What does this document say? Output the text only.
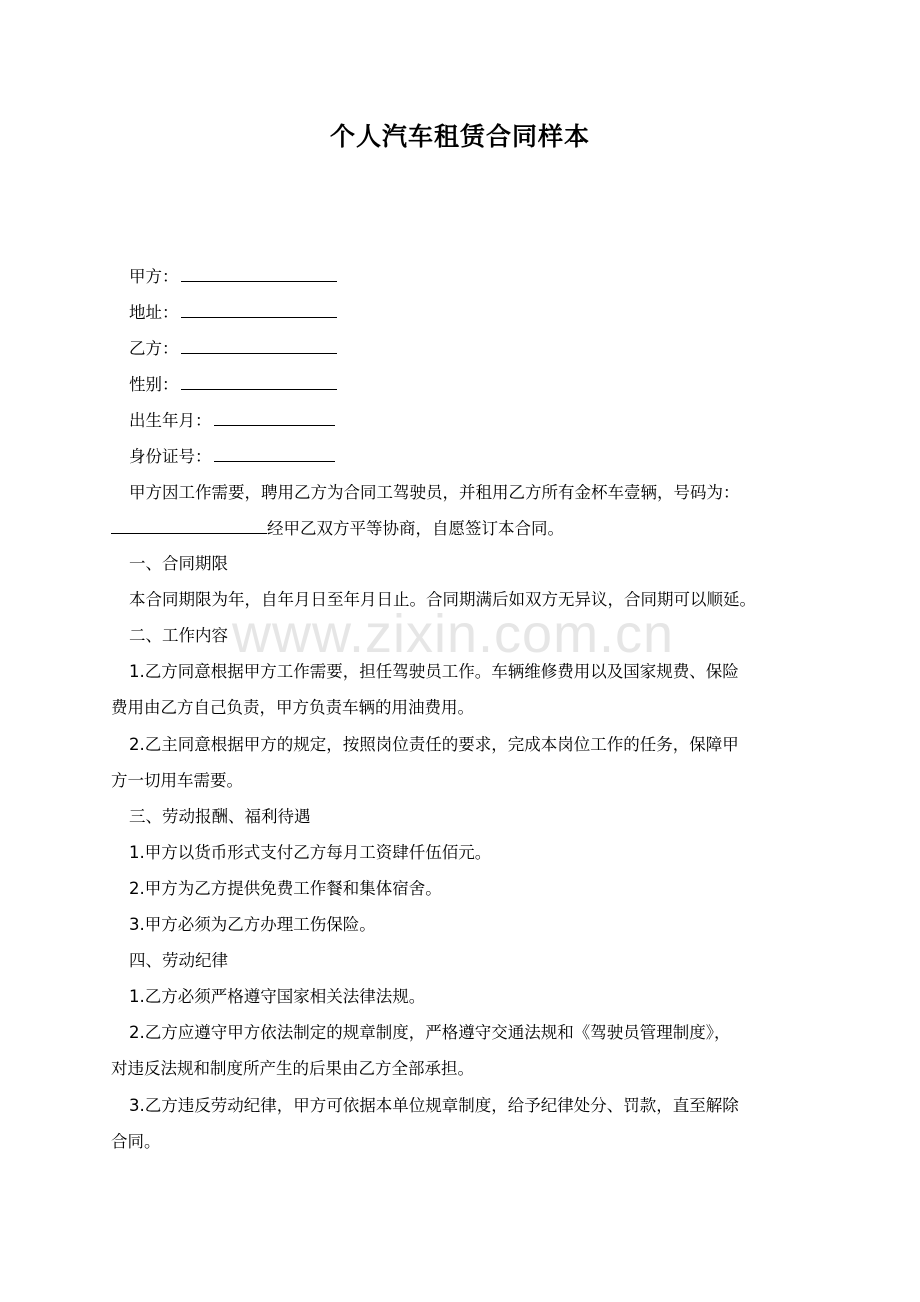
www.zixin.com.cn
个人汽车租赁合同样本
甲方：
地址：
乙方：
性别：
出生年月：
身份证号：
甲方因工作需要，聘用乙方为合同工驾驶员，并租用乙方所有金杯车壹辆，号码为：
经甲乙双方平等协商，自愿签订本合同。
一、合同期限
本合同期限为年，自年月日至年月日止。合同期满后如双方无异议，合同期可以顺延。
二、工作内容
1.乙方同意根据甲方工作需要，担任驾驶员工作。车辆维修费用以及国家规费、保险
费用由乙方自己负责，甲方负责车辆的用油费用。
2.乙主同意根据甲方的规定，按照岗位责任的要求，完成本岗位工作的任务，保障甲
方一切用车需要。
三、劳动报酬、福利待遇
1.甲方以货币形式支付乙方每月工资肆仟伍佰元。
2.甲方为乙方提供免费工作餐和集体宿舍。
3.甲方必须为乙方办理工伤保险。
四、劳动纪律
1.乙方必须严格遵守国家相关法律法规。
2.乙方应遵守甲方依法制定的规章制度，严格遵守交通法规和《驾驶员管理制度》，
对违反法规和制度所产生的后果由乙方全部承担。
3.乙方违反劳动纪律，甲方可依据本单位规章制度，给予纪律处分、罚款，直至解除
合同。
